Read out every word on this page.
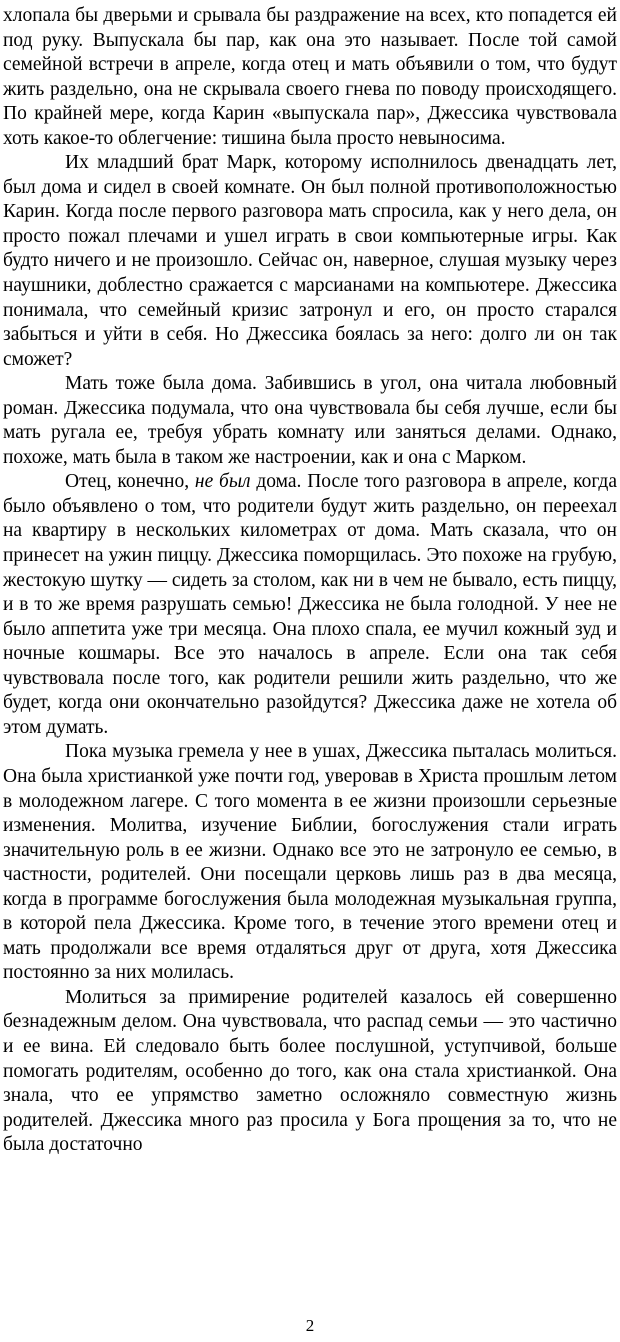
хлопала бы дверьми и срывала бы раздражение на всех, кто попадется ей под руку. Выпускала бы пар, как она это называет. После той самой семейной встречи в апреле, когда отец и мать объявили о том, что будут жить раздельно, она не скрывала своего гнева по поводу происходящего. По крайней мере, когда Карин «выпускала пар», Джессика чувствовала хоть какое-то облегчение: тишина была просто невыносима.

Их младший брат Марк, которому исполнилось двенадцать лет, был дома и сидел в своей комнате. Он был полной противоположностью Карин. Когда после первого разговора мать спросила, как у него дела, он просто пожал плечами и ушел играть в свои компьютерные игры. Как будто ничего и не произошло. Сейчас он, наверное, слушая музыку через наушники, доблестно сражается с марсианами на компьютере. Джессика понимала, что семейный кризис затронул и его, он просто старался забыться и уйти в себя. Но Джессика боялась за него: долго ли он так сможет?

Мать тоже была дома. Забившись в угол, она читала любовный роман. Джессика подумала, что она чувствовала бы себя лучше, если бы мать ругала ее, требуя убрать комнату или заняться делами. Однако, похоже, мать была в таком же настроении, как и она с Марком.

Отец, конечно, не был дома. После того разговора в апреле, когда было объявлено о том, что родители будут жить раздельно, он переехал на квартиру в нескольких километрах от дома. Мать сказала, что он принесет на ужин пиццу. Джессика поморщилась. Это похоже на грубую, жестокую шутку — сидеть за столом, как ни в чем не бывало, есть пиццу, и в то же время разрушать семью! Джессика не была голодной. У нее не было аппетита уже три месяца. Она плохо спала, ее мучил кожный зуд и ночные кошмары. Все это началось в апреле. Если она так себя чувствовала после того, как родители решили жить раздельно, что же будет, когда они окончательно разойдутся? Джессика даже не хотела об этом думать.

Пока музыка гремела у нее в ушах, Джессика пыталась молиться. Она была христианкой уже почти год, уверовав в Христа прошлым летом в молодежном лагере. С того момента в ее жизни произошли серьезные изменения. Молитва, изучение Библии, богослужения стали играть значительную роль в ее жизни. Однако все это не затронуло ее семью, в частности, родителей. Они посещали церковь лишь раз в два месяца, когда в программе богослужения была молодежная музыкальная группа, в которой пела Джессика. Кроме того, в течение этого времени отец и мать продолжали все время отдаляться друг от друга, хотя Джессика постоянно за них молилась.

Молиться за примирение родителей казалось ей совершенно безнадежным делом. Она чувствовала, что распад семьи — это частично и ее вина. Ей следовало быть более послушной, уступчивой, больше помогать родителям, особенно до того, как она стала христианкой. Она знала, что ее упрямство заметно осложняло совместную жизнь родителей. Джессика много раз просила у Бога прощения за то, что не была достаточно

2
